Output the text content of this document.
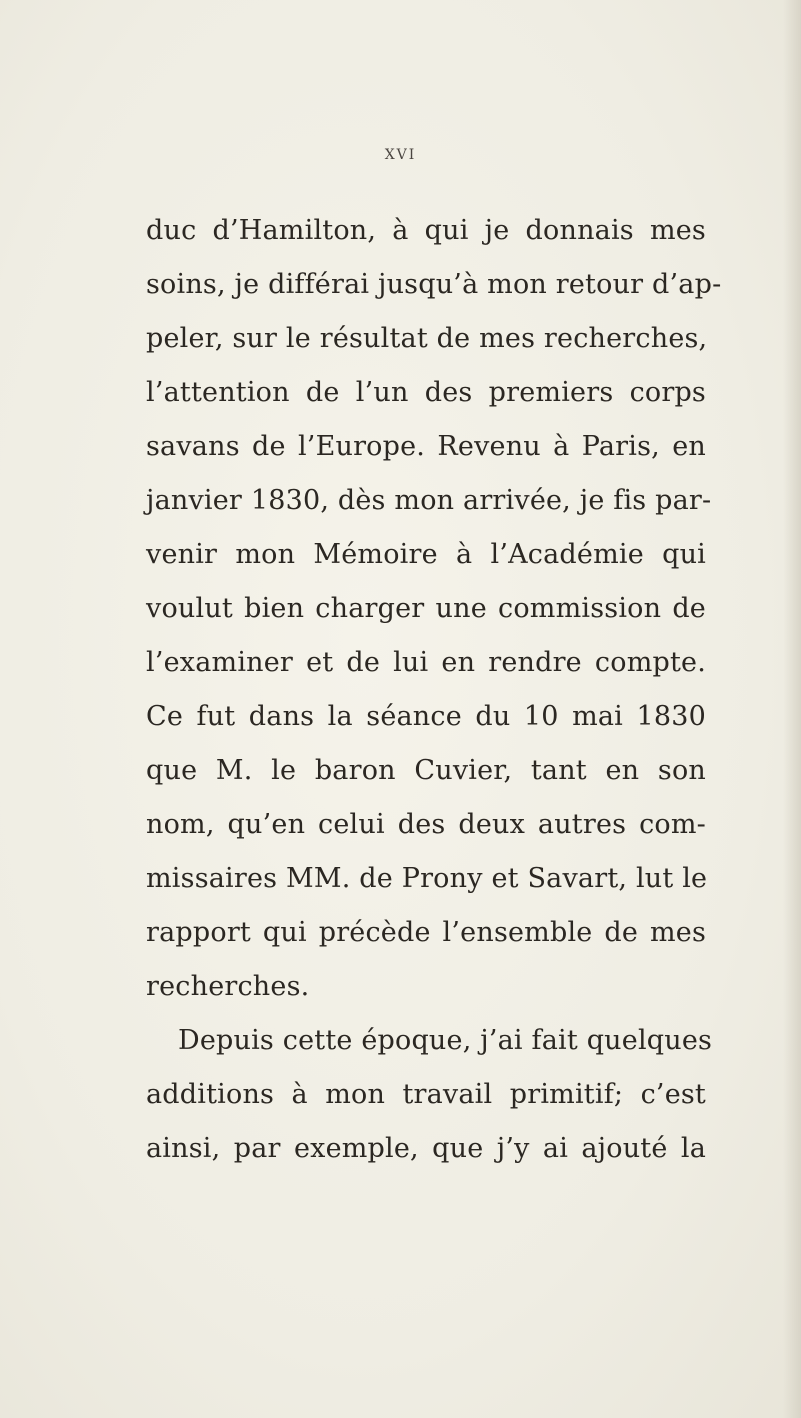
XVI
duc d’Hamilton, à qui je donnais mes
soins, je différai jusqu’à mon retour d’ap-
peler, sur le résultat de mes recherches,
l’attention de l’un des premiers corps
savans de l’Europe. Revenu à Paris, en
janvier 1830, dès mon arrivée, je fis par-
venir mon Mémoire à l’Académie qui
voulut bien charger une commission de
l’examiner et de lui en rendre compte.
Ce fut dans la séance du 10 mai 1830
que M. le baron Cuvier, tant en son
nom, qu’en celui des deux autres com-
missaires MM. de Prony et Savart, lut le
rapport qui précède l’ensemble de mes
recherches.
Depuis cette époque, j’ai fait quelques
additions à mon travail primitif; c’est
ainsi, par exemple, que j’y ai ajouté la
